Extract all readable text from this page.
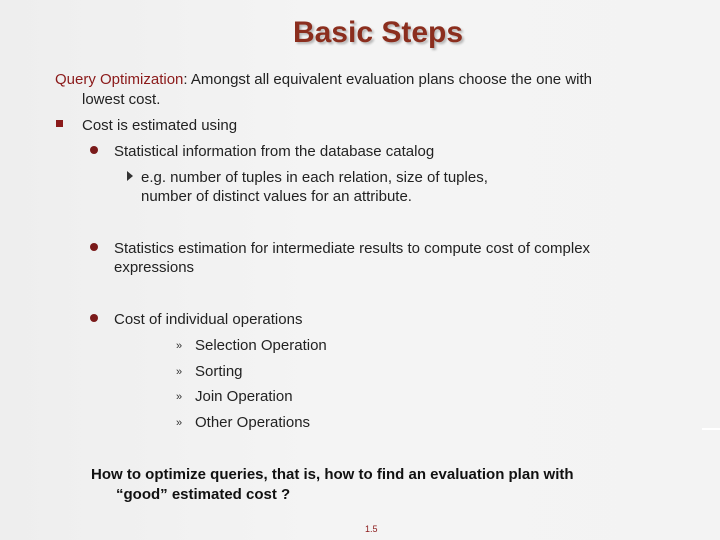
Basic Steps
Query Optimization: Amongst all equivalent evaluation plans choose the one with
lowest cost.
Cost is estimated using
Statistical information from the database catalog
e.g. number of tuples in each relation, size of tuples,
number of distinct values for an attribute.
Statistics estimation for intermediate results to compute cost of complex
expressions
Cost of individual operations
» Selection Operation
» Sorting
» Join Operation
» Other Operations
How to optimize queries, that is, how to find an evaluation plan with
“good” estimated cost ?
1.5
